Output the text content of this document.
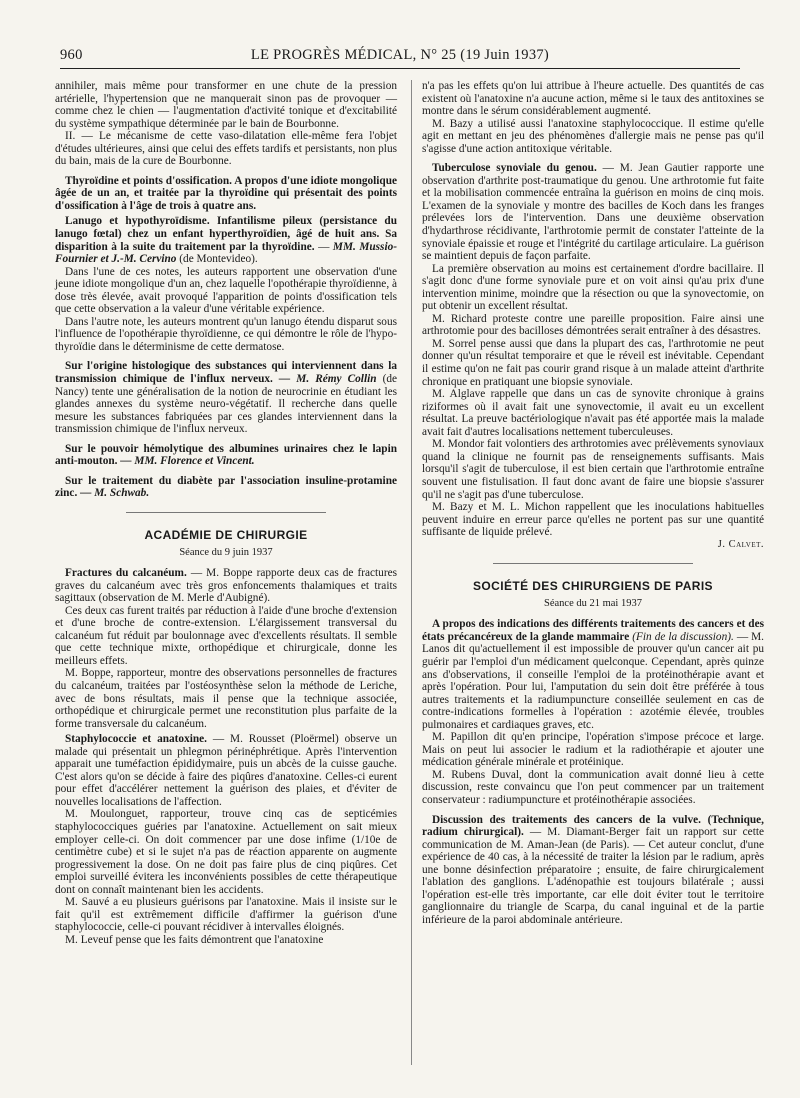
960	LE PROGRÈS MÉDICAL, N° 25 (19 Juin 1937)

annihiler, mais même pour transformer en une chute de la pression artérielle, l'hypertension que ne manquerait sinon pas de provoquer — comme chez le chien — l'augmentation d'activité tonique et d'excitabilité du système sympathique déterminée par le bain de Bourbonne.

II. — Le mécanisme de cette vaso-dilatation elle-même fera l'objet d'études ultérieures, ainsi que celui des effets tardifs et persistants, non plus du bain, mais de la cure de Bourbonne.

Thyroïdine et points d'ossification. A propos d'une idiote mongolique âgée de un an, et traitée par la thyroïdine qui présentait des points d'ossification à l'âge de trois à quatre ans.

Lanugo et hypothyroïdisme. Infantilisme pileux (persistance du lanugo fœtal) chez un enfant hyperthyroïdien, âgé de huit ans. Sa disparition à la suite du traitement par la thyroïdine. — MM. Mussio-Fournier et J.-M. Cervino (de Montevideo).

Dans l'une de ces notes, les auteurs rapportent une observation d'une jeune idiote mongolique d'un an, chez laquelle l'opothérapie thyroïdienne, à dose très élevée, avait provoqué l'apparition de points d'ossification tels que cette observation a la valeur d'une véritable expérience.

Dans l'autre note, les auteurs montrent qu'un lanugo étendu disparut sous l'influence de l'opothérapie thyroïdienne, ce qui démontre le rôle de l'hypo-thyroïdie dans le déterminisme de cette dermatose.

Sur l'origine histologique des substances qui interviennent dans la transmission chimique de l'influx nerveux. — M. Rémy Collin (de Nancy) tente une généralisation de la notion de neurocrinie en étudiant les glandes annexes du système neuro-végétatif. Il recherche dans quelle mesure les substances fabriquées par ces glandes interviennent dans la transmission chimique de l'influx nerveux.

Sur le pouvoir hémolytique des albumines urinaires chez le lapin anti-mouton. — MM. Florence et Vincent.

Sur le traitement du diabète par l'association insuline-protamine zinc. — M. Schwab.

ACADÉMIE DE CHIRURGIE
Séance du 9 juin 1937

Fractures du calcanéum. — M. Boppe rapporte deux cas de fractures graves du calcanéum avec très gros enfoncements thalamiques et traits sagittaux (observation de M. Merle d'Aubigné).

Ces deux cas furent traités par réduction à l'aide d'une broche d'extension et d'une broche de contre-extension. L'élargissement transversal du calcanéum fut réduit par boulonnage avec d'excellents résultats. Il semble que cette technique mixte, orthopédique et chirurgicale, donne les meilleurs effets.

M. Boppe, rapporteur, montre des observations personnelles de fractures du calcanéum, traitées par l'ostéosynthèse selon la méthode de Leriche, avec de bons résultats, mais il pense que la technique associée, orthopédique et chirurgicale permet une reconstitution plus parfaite de la forme transversale du calcanéum.

Staphylococcie et anatoxine. — M. Rousset (Ploërmel) observe un malade qui présentait un phlegmon périnéphrétique. Après l'intervention apparait une tuméfaction épididymaire, puis un abcès de la cuisse gauche. C'est alors qu'on se décide à faire des piqûres d'anatoxine. Celles-ci eurent pour effet d'accélérer nettement la guérison des plaies, et d'éviter de nouvelles localisations de l'affection.

M. Moulonguet, rapporteur, trouve cinq cas de septicémies staphylococciques guéries par l'anatoxine. Actuellement on sait mieux employer celle-ci. On doit commencer par une dose infime (1/10e de centimètre cube) et si le sujet n'a pas de réaction apparente on augmente progressivement la dose. On ne doit pas faire plus de cinq piqûres. Cet emploi surveillé évitera les inconvénients possibles de cette thérapeutique dont on connaît maintenant bien les accidents.

M. Sauvé a eu plusieurs guérisons par l'anatoxine. Mais il insiste sur le fait qu'il est extrêmement difficile d'affirmer la guérison d'une staphylococcie, celle-ci pouvant récidiver à intervalles éloignés.

M. Leveuf pense que les faits démontrent que l'anatoxine

n'a pas les effets qu'on lui attribue à l'heure actuelle. Des quantités de cas existent où l'anatoxine n'a aucune action, même si le taux des antitoxines se montre dans le sérum considérablement augmenté.

M. Bazy a utilisé aussi l'anatoxine staphylococcique. Il estime qu'elle agit en mettant en jeu des phénomènes d'allergie mais ne pense pas qu'il s'agisse d'une action antitoxique véritable.

Tuberculose synoviale du genou. — M. Jean Gautier rapporte une observation d'arthrite post-traumatique du genou. Une arthrotomie fut faite et la mobilisation commencée entraîna la guérison en moins de cinq mois. L'examen de la synoviale y montre des bacilles de Koch dans les franges prélevées lors de l'intervention. Dans une deuxième observation d'hydarthrose récidivante, l'arthrotomie permit de constater l'atteinte de la synoviale épaissie et rouge et l'intégrité du cartilage articulaire. La guérison se maintient depuis de façon parfaite.

La première observation au moins est certainement d'ordre bacillaire. Il s'agit donc d'une forme synoviale pure et on voit ainsi qu'au prix d'une intervention minime, moindre que la résection ou que la synovectomie, on put obtenir un excellent résultat.

M. Richard proteste contre une pareille proposition. Faire ainsi une arthrotomie pour des bacilloses démontrées serait entraîner à des désastres.

M. Sorrel pense aussi que dans la plupart des cas, l'arthrotomie ne peut donner qu'un résultat temporaire et que le réveil est inévitable. Cependant il estime qu'on ne fait pas courir grand risque à un malade atteint d'arthrite chronique en pratiquant une biopsie synoviale.

M. Alglave rappelle que dans un cas de synovite chronique à grains riziformes où il avait fait une synovectomie, il avait eu un excellent résultat. La preuve bactériologique n'avait pas été apportée mais la malade avait fait d'autres localisations nettement tuberculeuses.

M. Mondor fait volontiers des arthrotomies avec prélèvements synoviaux quand la clinique ne fournit pas de renseignements suffisants. Mais lorsqu'il s'agit de tuberculose, il est bien certain que l'arthrotomie entraîne souvent une fistulisation. Il faut donc avant de faire une biopsie s'assurer qu'il ne s'agit pas d'une tuberculose.

M. Bazy et M. L. Michon rappellent que les inoculations habituelles peuvent induire en erreur parce qu'elles ne portent pas sur une quantité suffisante de liquide prélevé.

J. Calvet.
SOCIÉTÉ DES CHIRURGIENS DE PARIS
Séance du 21 mai 1937

A propos des indications des différents traitements des cancers et des états précancéreux de la glande mammaire (Fin de la discussion). — M. Lanos dit qu'actuellement il est impossible de prouver qu'un cancer ait pu guérir par l'emploi d'un médicament quelconque. Cependant, après quinze ans d'observations, il conseille l'emploi de la protéinothérapie avant et après l'opération. Pour lui, l'amputation du sein doit être préférée à tous autres traitements et la radiumpuncture conseillée seulement en cas de contre-indications formelles à l'opération : azotémie élevée, troubles pulmonaires et cardiaques graves, etc.

M. Papillon dit qu'en principe, l'opération s'impose précoce et large. Mais on peut lui associer le radium et la radiothérapie et ajouter une médication générale minérale et protéinique.

M. Rubens Duval, dont la communication avait donné lieu à cette discussion, reste convaincu que l'on peut commencer par un traitement conservateur : radiumpuncture et protéinothérapie associées.

Discussion des traitements des cancers de la vulve. (Technique, radium chirurgical). — M. Diamant-Berger fait un rapport sur cette communication de M. Aman-Jean (de Paris). — Cet auteur conclut, d'une expérience de 40 cas, à la nécessité de traiter la lésion par le radium, après une bonne désinfection préparatoire ; ensuite, de faire chirurgicalement l'ablation des ganglions. L'adénopathie est toujours bilatérale ; aussi l'opération est-elle très importante, car elle doit éviter tout le territoire ganglionnaire du triangle de Scarpa, du canal inguinal et de la partie inférieure de la paroi abdominale antérieure.
